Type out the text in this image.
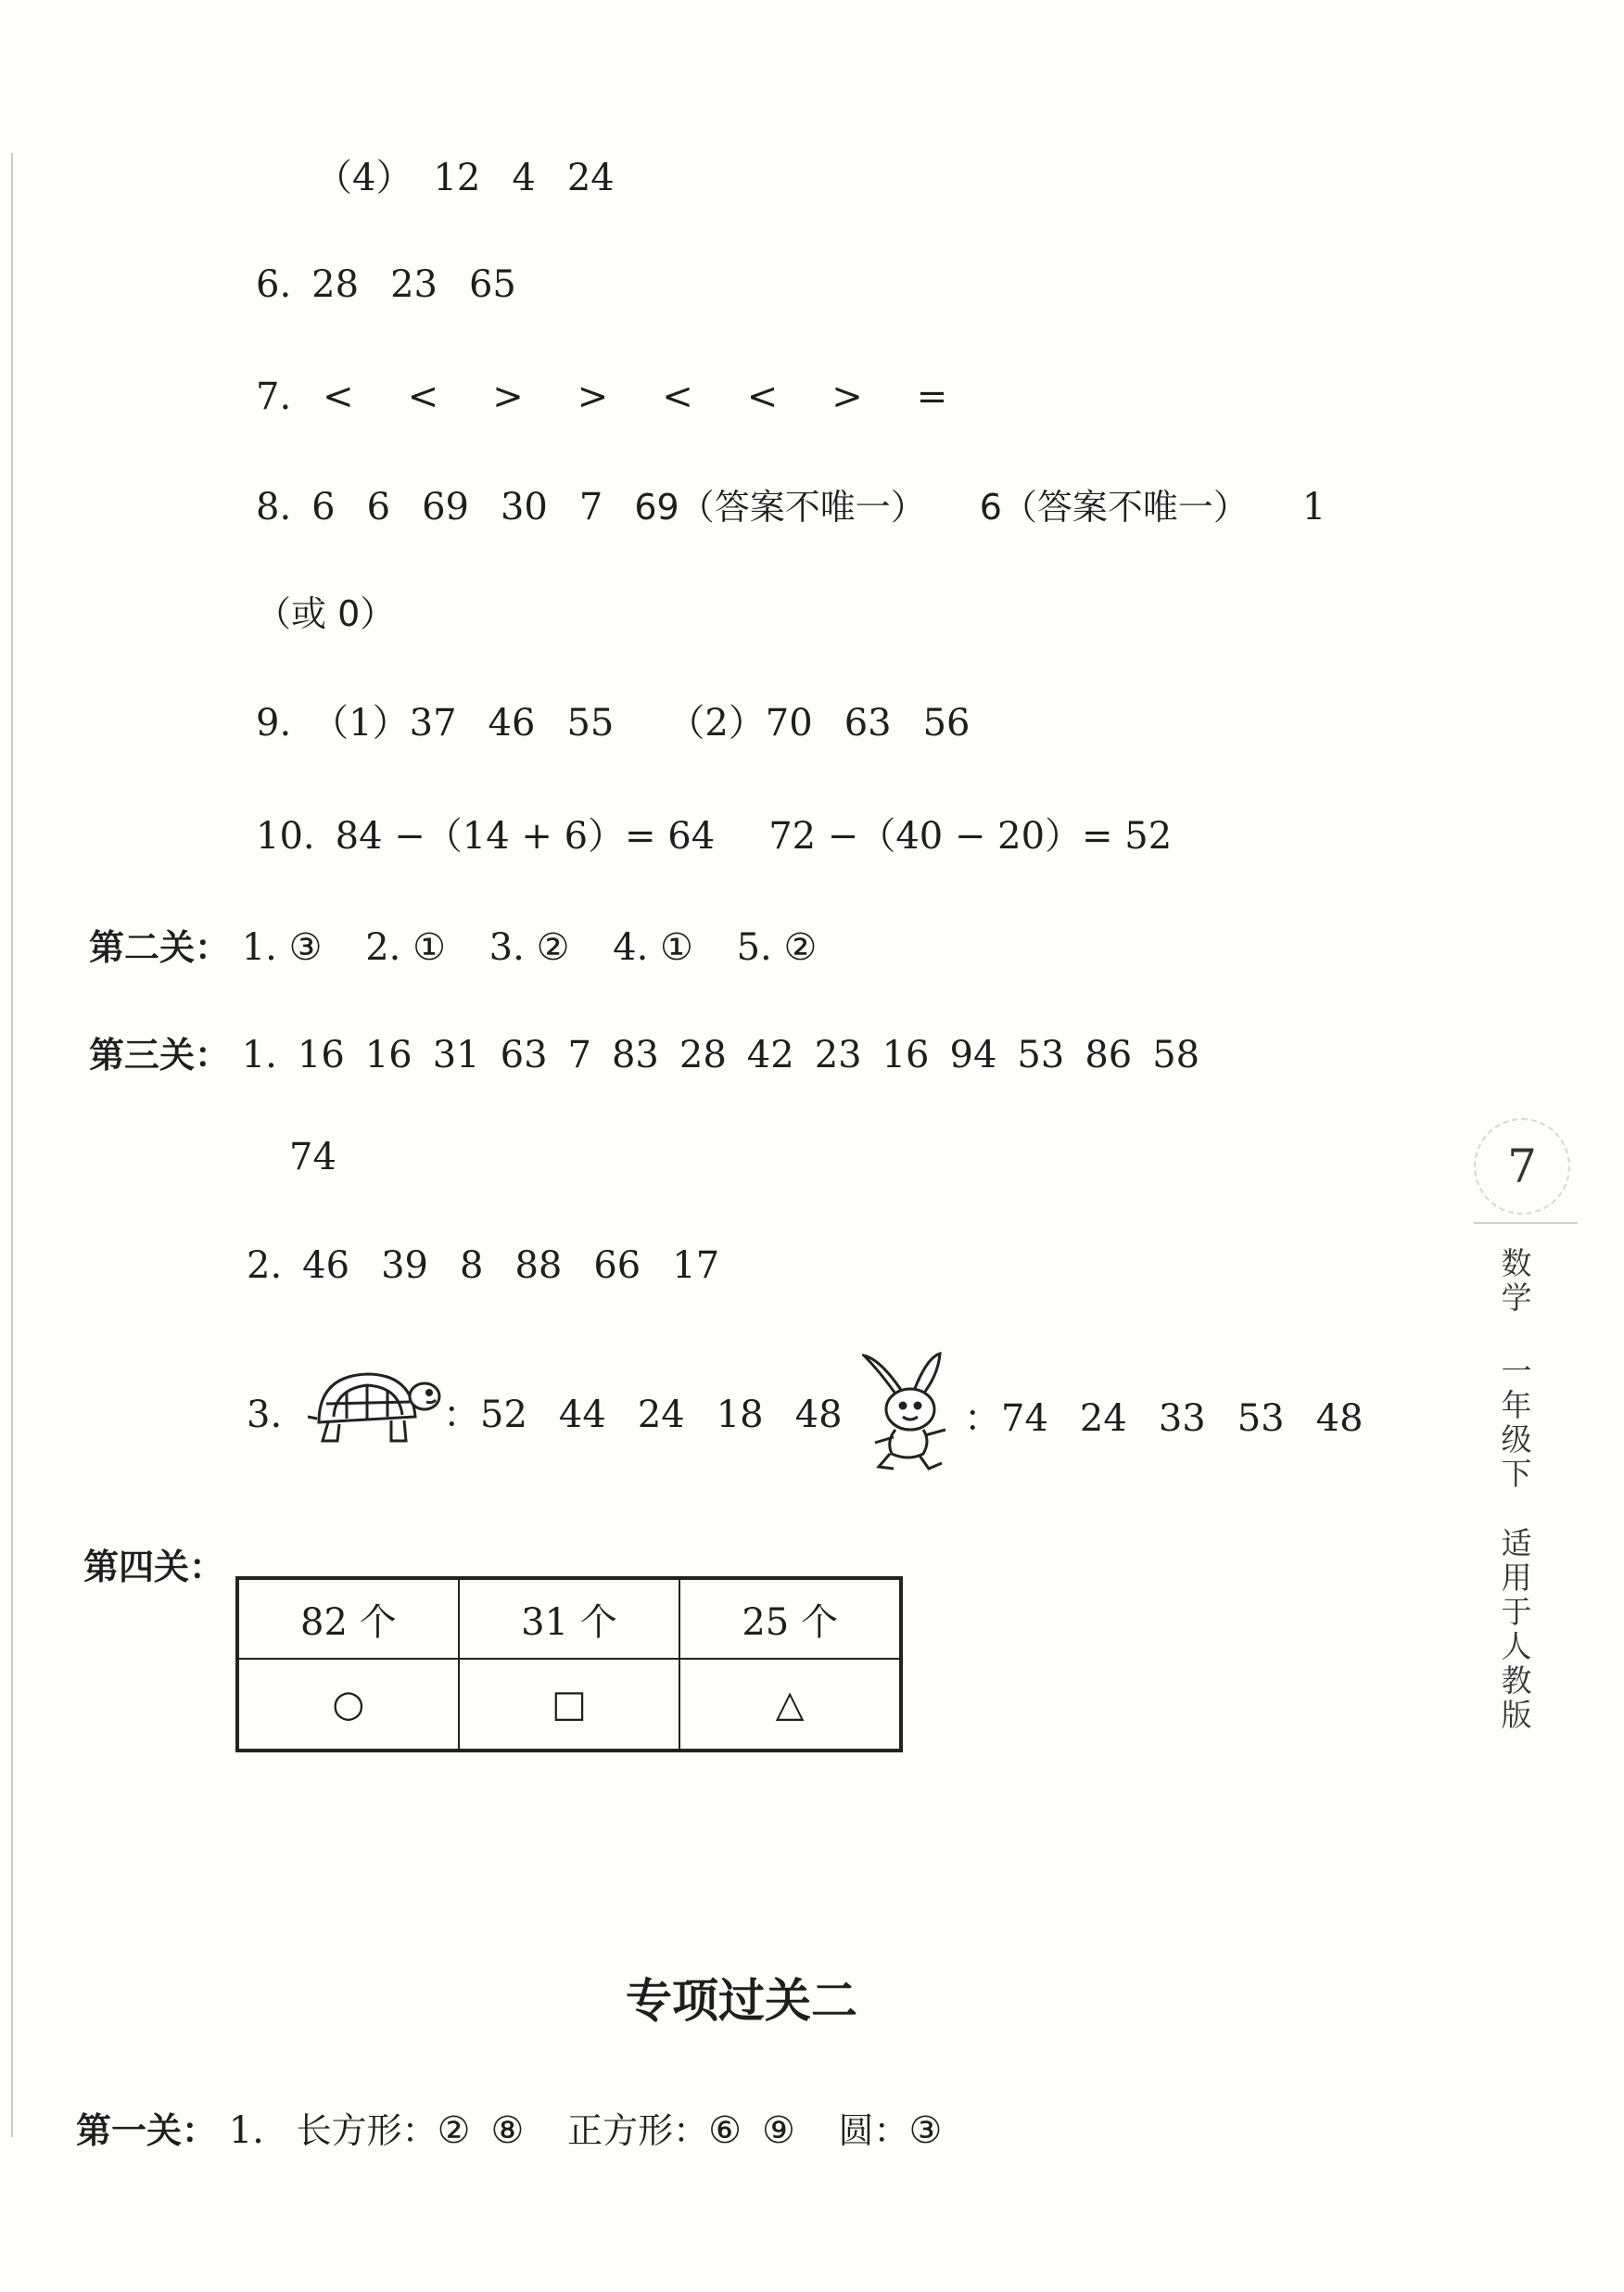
（4） 12 4 24
6. 28 23 65
7. < < > > < < > =
8. 6 6 69 30 7 69（答案不唯一） 6（答案不唯一） 1
（或 0）
9. （1）37 46 55 （2）70 63 56
10. 84 −（14 + 6）= 64 72 −（40 − 20）= 52
第二关： 1. ③ 2. ① 3. ② 4. ① 5. ②
第三关： 1. 16 16 31 63 7 83 28 42 23 16 94 53 86 58
74
2. 46 39 8 88 66 17
3.	：52 44 24 18 48	：74 24 33 53 48
第四关：
82 个	31 个	25 个
○	□	△
专项过关二
第一关： 1. 长方形：② ⑧ 正方形：⑥ ⑨ 圆：③
7
数学
一年级下
适用于人教版
